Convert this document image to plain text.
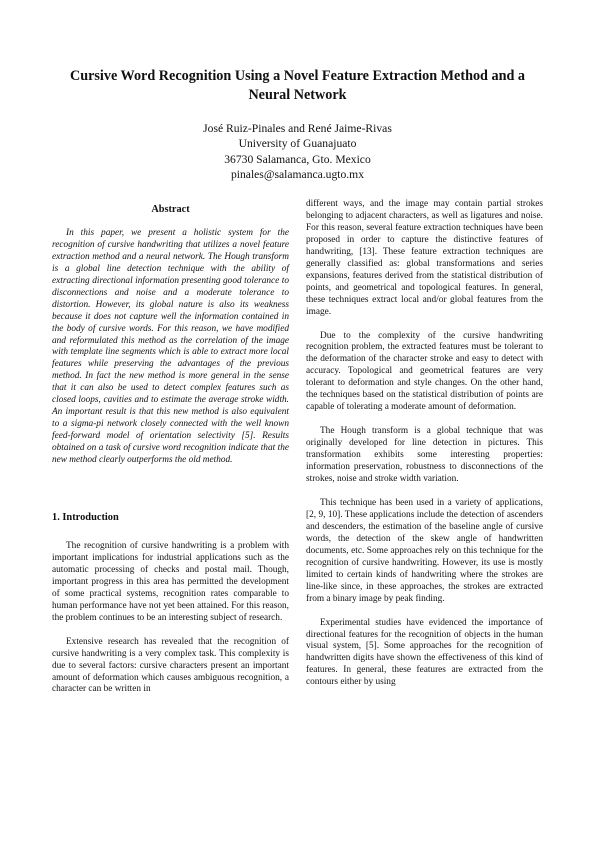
Cursive Word Recognition Using a Novel Feature Extraction Method and a
Neural Network
José Ruiz-Pinales and René Jaime-Rivas
University of Guanajuato
36730 Salamanca, Gto. Mexico
pinales@salamanca.ugto.mx
Abstract

In this paper, we present a holistic system for the recognition of cursive handwriting that utilizes a novel feature extraction method and a neural network. The Hough transform is a global line detection technique with the ability of extracting directional information presenting good tolerance to disconnections and noise and a moderate tolerance to distortion. However, its global nature is also its weakness because it does not capture well the information contained in the body of cursive words. For this reason, we have modified and reformulated this method as the correlation of the image with template line segments which is able to extract more local features while preserving the advantages of the previous method. In fact the new method is more general in the sense that it can also be used to detect complex features such as closed loops, cavities and to estimate the average stroke width. An important result is that this new method is also equivalent to a sigma-pi network closely connected with the well known feed-forward model of orientation selectivity [5]. Results obtained on a task of cursive word recognition indicate that the new method clearly outperforms the old method.

1. Introduction

The recognition of cursive handwriting is a problem with important implications for industrial applications such as the automatic processing of checks and postal mail. Though, important progress in this area has permitted the development of some practical systems, recognition rates comparable to human performance have not yet been attained. For this reason, the problem continues to be an interesting subject of research.

Extensive research has revealed that the recognition of cursive handwriting is a very complex task. This complexity is due to several factors: cursive characters present an important amount of deformation which causes ambiguous recognition, a character can be written in

different ways, and the image may contain partial strokes belonging to adjacent characters, as well as ligatures and noise. For this reason, several feature extraction techniques have been proposed in order to capture the distinctive features of handwriting, [13]. These feature extraction techniques are generally classified as: global transformations and series expansions, features derived from the statistical distribution of points, and geometrical and topological features. In general, these techniques extract local and/or global features from the image.

Due to the complexity of the cursive handwriting recognition problem, the extracted features must be tolerant to the deformation of the character stroke and easy to detect with accuracy. Topological and geometrical features are very tolerant to deformation and style changes. On the other hand, the techniques based on the statistical distribution of points are capable of tolerating a moderate amount of deformation.

The Hough transform is a global technique that was originally developed for line detection in pictures. This transformation exhibits some interesting properties: information preservation, robustness to disconnections of the strokes, noise and stroke width variation.

This technique has been used in a variety of applications, [2, 9, 10]. These applications include the detection of ascenders and descenders, the estimation of the baseline angle of cursive words, the detection of the skew angle of handwritten documents, etc. Some approaches rely on this technique for the recognition of cursive handwriting. However, its use is mostly limited to certain kinds of handwriting where the strokes are line-like since, in these approaches, the strokes are extracted from a binary image by peak finding.

Experimental studies have evidenced the importance of directional features for the recognition of objects in the human visual system, [5]. Some approaches for the recognition of handwritten digits have shown the effectiveness of this kind of features. In general, these features are extracted from the contours either by using
